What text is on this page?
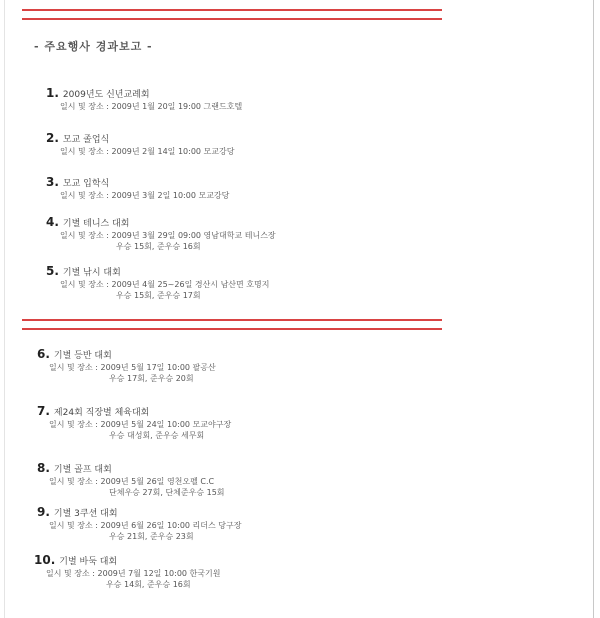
- 주요행사 경과보고 -
1. 2009년도 신년교례회
일시 및 장소 : 2009년 1월 20일 19:00 그랜드호텔
2. 모교 졸업식
일시 및 장소 : 2009년 2월 14일 10:00 모교강당
3. 모교 입학식
일시 및 장소 : 2009년 3월 2일 10:00 모교강당
4. 기별 테니스 대회
일시 및 장소 : 2009년 3월 29일 09:00 영남대학교 테니스장
우승 15회, 준우승 16회
5. 기별 낚시 대회
일시 및 장소 : 2009년 4월 25~26일 경산시 남산면 호명지
우승 15회, 준우승 17회
6. 기별 등반 대회
일시 및 장소 : 2009년 5월 17일 10:00 팔공산
우승 17회, 준우승 20회
7. 제24회 직장별 체육대회
일시 및 장소 : 2009년 5월 24일 10:00 모교야구장
우승 대성회, 준우승 세무회
8. 기별 골프 대회
일시 및 장소 : 2009년 5월 26일 영천오펠 C.C
단체우승 27회, 단체준우승 15회
9. 기별 3쿠션 대회
일시 및 장소 : 2009년 6월 26일 10:00 리더스 당구장
우승 21회, 준우승 23회
10. 기별 바둑 대회
일시 및 장소 : 2009년 7월 12일 10:00 한국기원
우승 14회, 준우승 16회
